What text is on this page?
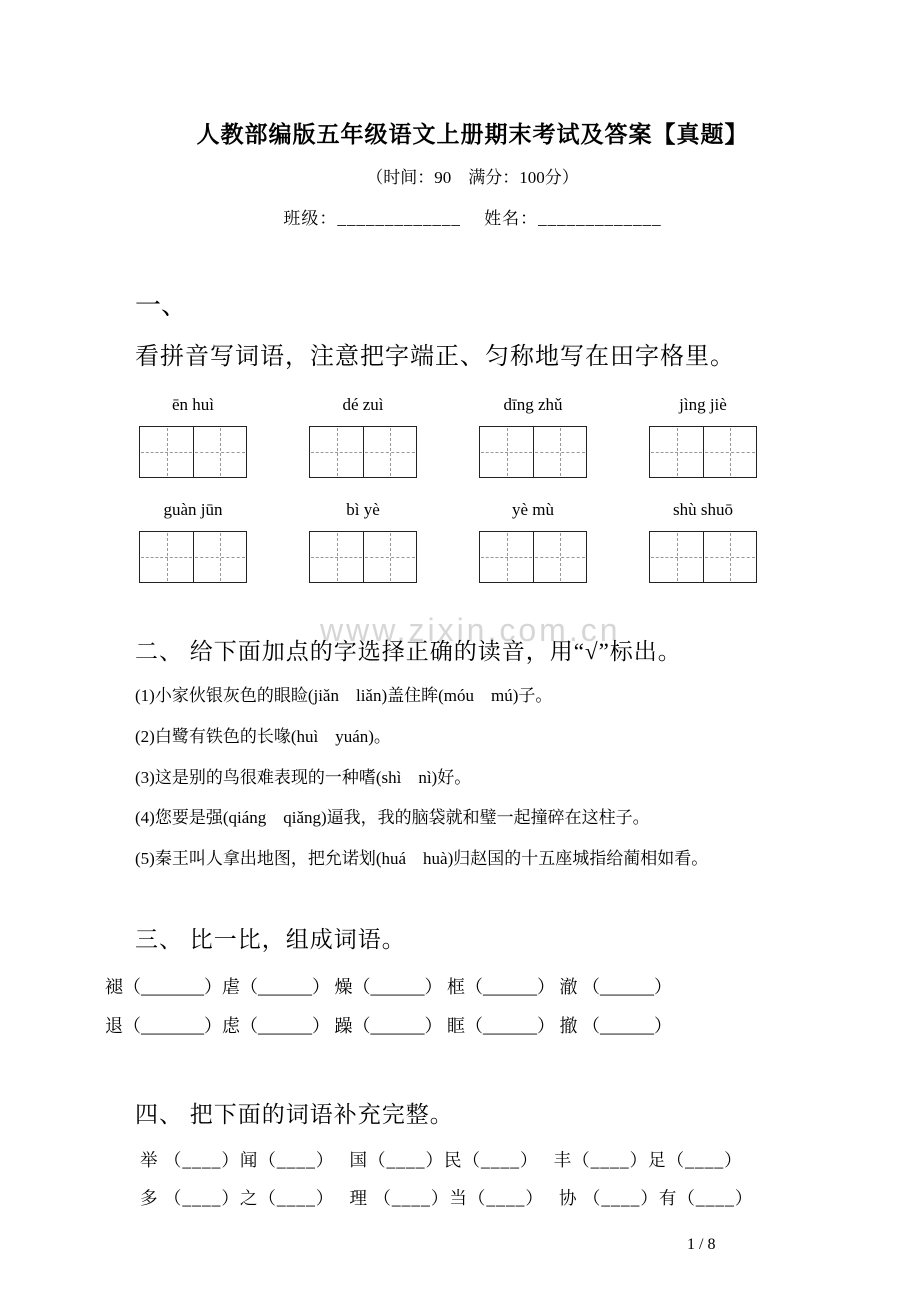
www.zixin.com.cn
人教部编版五年级语文上册期末考试及答案【真题】
（时间：90　满分：100分）
班级：_____________　 姓名：_____________
一、
看拼音写词语，注意把字端正、匀称地写在田字格里。
ēn huì	dé zuì	dīng zhǔ	jìng jiè
guàn jūn	bì yè	yè mù	shù shuō
二、 给下面加点的字选择正确的读音，用“√”标出。
(1)小家伙银灰色的眼睑(jiǎn　liǎn)盖住眸(móu　mú)子。
(2)白鹭有铁色的长喙(huì　yuán)。
(3)这是别的鸟很难表现的一种嗜(shì　nì)好。
(4)您要是强(qiáng　qiǎng)逼我，我的脑袋就和璧一起撞碎在这柱子。
(5)秦王叫人拿出地图，把允诺划(huá　huà)归赵国的十五座城指给蔺相如看。
三、 比一比，组成词语。
褪（_______）虐（______） 燥（______） 框（______） 澈 （______）
退（_______）虑（______） 躁（______） 眶（______） 撤 （______）
四、 把下面的词语补充完整。
举 （____）闻（____）　 国（____）民（____）　 丰（____）足（____）
多 （____）之（____）　 理 （____）当（____）　 协 （____）有（____）
1 / 8
